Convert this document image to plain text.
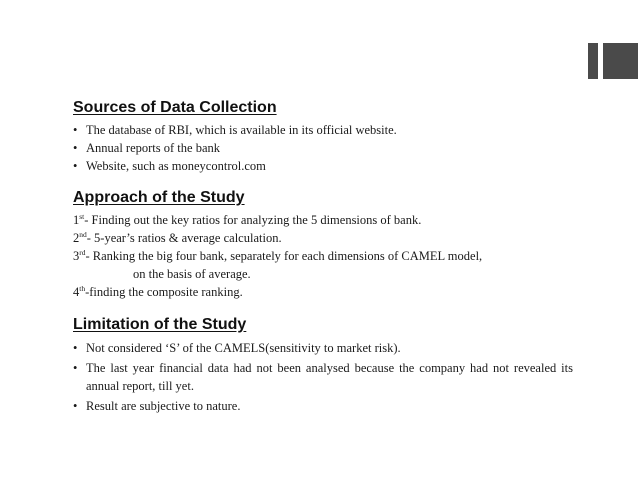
Sources of Data Collection
• The database of RBI, which is available in its official website.
• Annual reports of the bank
• Website, such as moneycontrol.com
Approach of the Study

1st- Finding out the key ratios for analyzing the 5 dimensions of bank.

2nd- 5-year’s ratios & average calculation.

3rd- Ranking the big four bank, separately for each dimensions of CAMEL model,

on the basis of average.

4th-finding the composite ranking.

Limitation of the Study
• Not considered ‘S’ of the CAMELS(sensitivity to market risk).
• The last year financial data had not been analysed because the company had not revealed its annual report, till yet.
• Result are subjective to nature.
